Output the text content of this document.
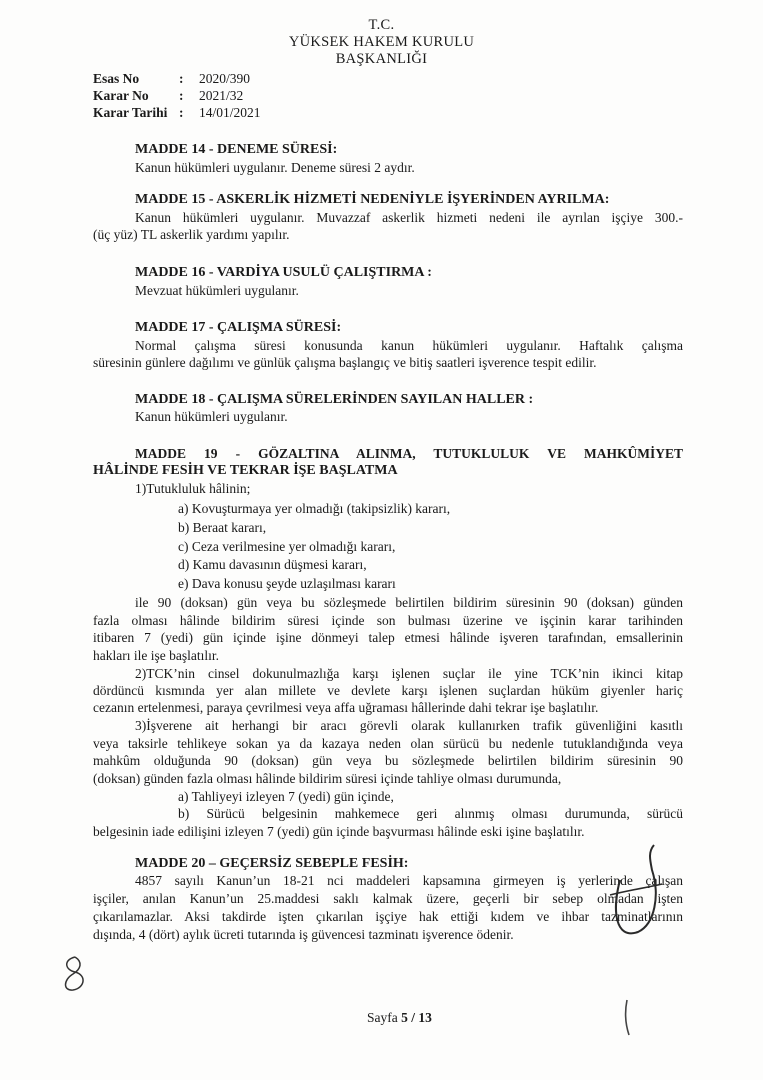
T.C.
YÜKSEK HAKEM KURULU
BAŞKANLIĞI
Esas No	:	2020/390
Karar No	:	2021/32
Karar Tarihi :	14/01/2021
MADDE 14 - DENEME SÜRESİ:
Kanun hükümleri uygulanır. Deneme süresi 2 aydır.
MADDE 15 - ASKERLİK HİZMETİ NEDENİYLE İŞYERİNDEN AYRILMA:
Kanun hükümleri uygulanır. Muvazzaf askerlik hizmeti nedeni ile ayrılan işçiye 300.-
(üç yüz) TL askerlik yardımı yapılır.
MADDE 16 - VARDİYA USULÜ ÇALIŞTIRMA :
Mevzuat hükümleri uygulanır.
MADDE 17 - ÇALIŞMA SÜRESİ:
Normal çalışma süresi konusunda kanun hükümleri uygulanır. Haftalık çalışma
süresinin günlere dağılımı ve günlük çalışma başlangıç ve bitiş saatleri işverence tespit edilir.
MADDE 18 - ÇALIŞMA SÜRELERİNDEN SAYILAN HALLER :
Kanun hükümleri uygulanır.
MADDE 19 - GÖZALTINA ALINMA, TUTUKLULUK VE MAHKÛMİYET
HÂLİNDE FESİH VE TEKRAR İŞE BAŞLATMA
1)Tutukluluk hâlinin;
a) Kovuşturmaya yer olmadığı (takipsizlik) kararı,
b) Beraat kararı,
c) Ceza verilmesine yer olmadığı kararı,
d) Kamu davasının düşmesi kararı,
e) Dava konusu şeyde uzlaşılması kararı
ile 90 (doksan) gün veya bu sözleşmede belirtilen bildirim süresinin 90 (doksan) günden
fazla olması hâlinde bildirim süresi içinde son bulması üzerine ve işçinin karar tarihinden
itibaren 7 (yedi) gün içinde işine dönmeyi talep etmesi hâlinde işveren tarafından, emsallerinin
hakları ile işe başlatılır.
2)TCK’nin cinsel dokunulmazlığa karşı işlenen suçlar ile yine TCK’nin ikinci kitap
dördüncü kısmında yer alan millete ve devlete karşı işlenen suçlardan hüküm giyenler hariç
cezanın ertelenmesi, paraya çevrilmesi veya affa uğraması hâllerinde dahi tekrar işe başlatılır.
3)İşverene ait herhangi bir aracı görevli olarak kullanırken trafik güvenliğini kasıtlı
veya taksirle tehlikeye sokan ya da kazaya neden olan sürücü bu nedenle tutuklandığında veya
mahkûm olduğunda 90 (doksan) gün veya bu sözleşmede belirtilen bildirim süresinin 90
(doksan) günden fazla olması hâlinde bildirim süresi içinde tahliye olması durumunda,
a) Tahliyeyi izleyen 7 (yedi) gün içinde,
b) Sürücü belgesinin mahkemece geri alınmış olması durumunda, sürücü
belgesinin iade edilişini izleyen 7 (yedi) gün içinde başvurması hâlinde eski işine başlatılır.
MADDE 20 – GEÇERSİZ SEBEPLE FESİH:
4857 sayılı Kanun’un 18-21 nci maddeleri kapsamına girmeyen iş yerlerinde çalışan
işçiler, anılan Kanun’un 25.maddesi saklı kalmak üzere, geçerli bir sebep olmadan işten
çıkarılamazlar. Aksi takdirde işten çıkarılan işçiye hak ettiği kıdem ve ihbar tazminatlarının
dışında, 4 (dört) aylık ücreti tutarında iş güvencesi tazminatı işverence ödenir.
Sayfa 5 / 13
